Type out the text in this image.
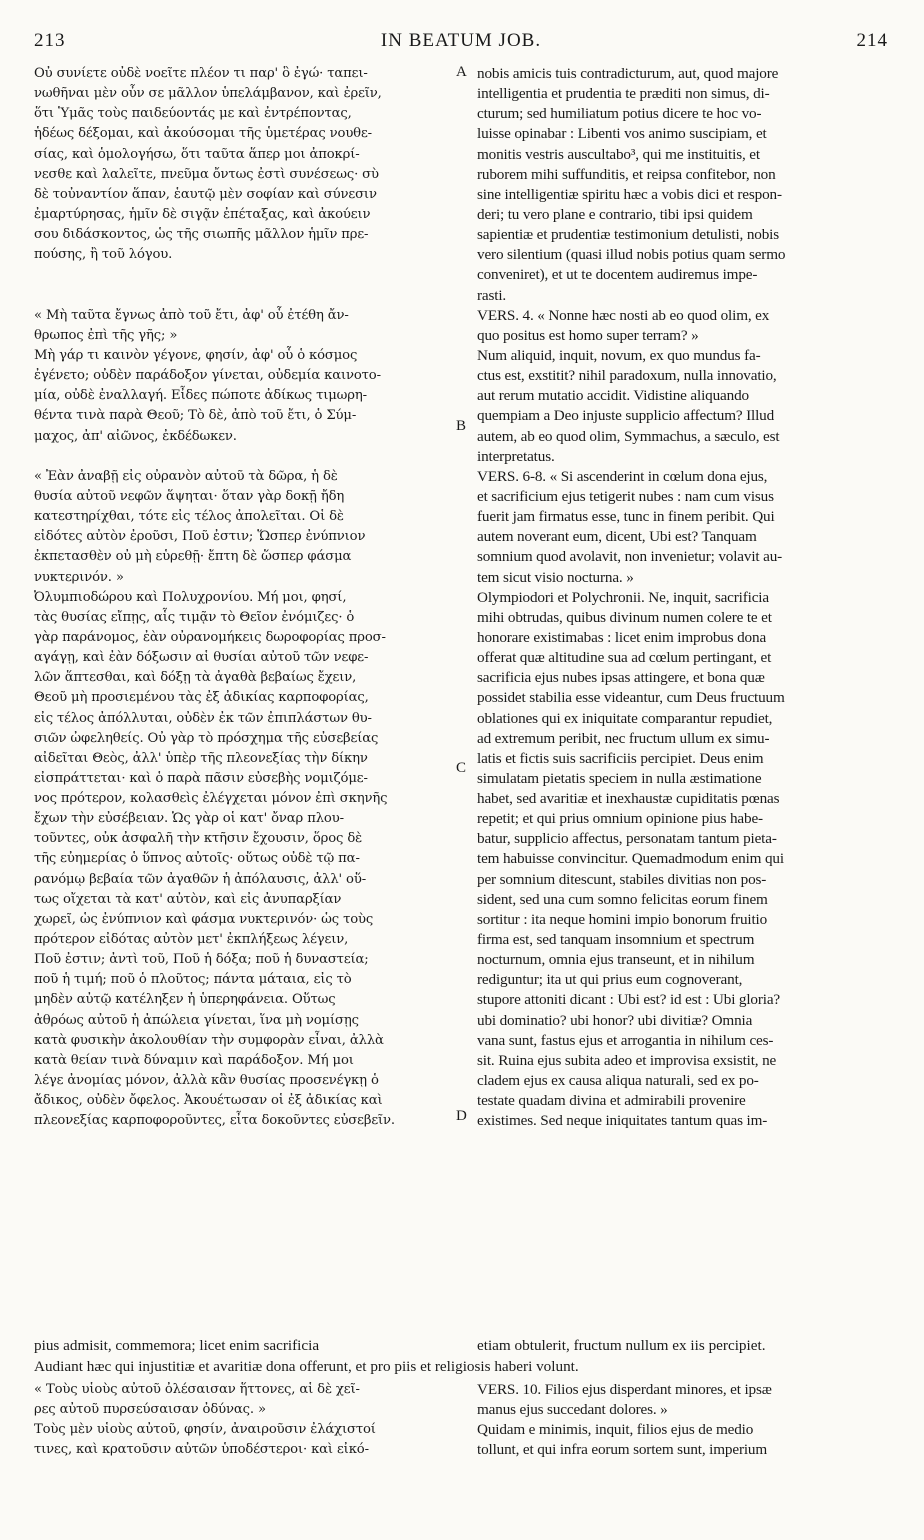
213	IN BEATUM JOB.	214
A
B
C
D
Οὐ συνίετε οὐδὲ νοεῖτε πλέον τι παρ' ὃ ἐγώ· ταπει-
νωθῆναι μὲν οὖν σε μᾶλλον ὑπελάμβανον, καὶ ἐρεῖν,
ὅτι Ὑμᾶς τοὺς παιδεύοντάς με καὶ ἐντρέποντας,
ἡδέως δέξομαι, καὶ ἀκούσομαι τῆς ὑμετέρας νουθε-
σίας, καὶ ὁμολογήσω, ὅτι ταῦτα ἅπερ μοι ἀποκρί-
νεσθε καὶ λαλεῖτε, πνεῦμα ὄντως ἐστὶ συνέσεως· σὺ
δὲ τοὐναντίον ἅπαν, ἑαυτῷ μὲν σοφίαν καὶ σύνεσιν
ἐμαρτύρησας, ἡμῖν δὲ σιγᾷν ἐπέταξας, καὶ ἀκούειν
σου διδάσκοντος, ὡς τῆς σιωπῆς μᾶλλον ἡμῖν πρε-
πούσης, ἢ τοῦ λόγου.
« Μὴ ταῦτα ἔγνως ἀπὸ τοῦ ἔτι, ἀφ' οὗ ἐτέθη ἄν-
θρωπος ἐπὶ τῆς γῆς; »
Μὴ γάρ τι καινὸν γέγονε, φησίν, ἀφ' οὗ ὁ κόσμος
ἐγένετο; οὐδὲν παράδοξον γίνεται, οὐδεμία καινοτο-
μία, οὐδὲ ἐναλλαγή. Εἶδες πώποτε ἀδίκως τιμωρη-
θέντα τινὰ παρὰ Θεοῦ; Τὸ δὲ, ἀπὸ τοῦ ἔτι, ὁ Σύμ-
μαχος, ἀπ' αἰῶνος, ἐκδέδωκεν.
« Ἐὰν ἀναβῇ εἰς οὐρανὸν αὐτοῦ τὰ δῶρα, ἡ δὲ
θυσία αὐτοῦ νεφῶν ἅψηται· ὅταν γὰρ δοκῇ ἤδη
κατεστηρίχθαι, τότε εἰς τέλος ἀπολεῖται. Οἱ δὲ
εἰδότες αὐτὸν ἐροῦσι, Ποῦ ἐστιν; Ὥσπερ ἐνύπνιον
ἐκπετασθὲν οὐ μὴ εὑρεθῇ· ἔπτη δὲ ὥσπερ φάσμα
νυκτερινόν. »
Ὀλυμπιοδώρου καὶ Πολυχρονίου. Μή μοι, φησί,
τὰς θυσίας εἴπῃς, αἷς τιμᾷν τὸ Θεῖον ἐνόμιζες· ὁ
γὰρ παράνομος, ἐὰν οὐρανομήκεις δωροφορίας προσ-
αγάγῃ, καὶ ἐὰν δόξωσιν αἱ θυσίαι αὐτοῦ τῶν νεφε-
λῶν ἅπτεσθαι, καὶ δόξῃ τὰ ἀγαθὰ βεβαίως ἔχειν,
Θεοῦ μὴ προσιεμένου τὰς ἐξ ἀδικίας καρποφορίας,
εἰς τέλος ἀπόλλυται, οὐδὲν ἐκ τῶν ἐπιπλάστων θυ-
σιῶν ὠφεληθείς. Οὐ γὰρ τὸ πρόσχημα τῆς εὐσεβείας
αἰδεῖται Θεὸς, ἀλλ' ὑπὲρ τῆς πλεονεξίας τὴν δίκην
εἰσπράττεται· καὶ ὁ παρὰ πᾶσιν εὐσεβὴς νομιζόμε-
νος πρότερον, κολασθεὶς ἐλέγχεται μόνον ἐπὶ σκηνῆς
ἔχων τὴν εὐσέβειαν. Ὡς γὰρ οἱ κατ' ὄναρ πλου-
τοῦντες, οὐκ ἀσφαλῆ τὴν κτῆσιν ἔχουσιν, ὅρος δὲ
τῆς εὐημερίας ὁ ὕπνος αὐτοῖς· οὕτως οὐδὲ τῷ πα-
ρανόμῳ βεβαία τῶν ἀγαθῶν ἡ ἀπόλαυσις, ἀλλ' οὕ-
τως οἴχεται τὰ κατ' αὐτὸν, καὶ εἰς ἀνυπαρξίαν
χωρεῖ, ὡς ἐνύπνιον καὶ φάσμα νυκτερινόν· ὡς τοὺς
πρότερον εἰδότας αὐτὸν μετ' ἐκπλήξεως λέγειν,
Ποῦ ἐστιν; ἀντὶ τοῦ, Ποῦ ἡ δόξα; ποῦ ἡ δυναστεία;
ποῦ ἡ τιμή; ποῦ ὁ πλοῦτος; πάντα μάταια, εἰς τὸ
μηδὲν αὐτῷ κατέληξεν ἡ ὑπερηφάνεια. Οὕτως
ἀθρόως αὐτοῦ ἡ ἀπώλεια γίνεται, ἵνα μὴ νομίσῃς
κατὰ φυσικὴν ἀκολουθίαν τὴν συμφορὰν εἶναι, ἀλλὰ
κατὰ θείαν τινὰ δύναμιν καὶ παράδοξον. Μή μοι
λέγε ἀνομίας μόνον, ἀλλὰ κἂν θυσίας προσενέγκῃ ὁ
ἄδικος, οὐδὲν ὄφελος. Ἀκουέτωσαν οἱ ἐξ ἀδικίας καὶ
πλεονεξίας καρποφοροῦντες, εἶτα δοκοῦντες εὐσεβεῖν.
nobis amicis tuis contradicturum, aut, quod majore
intelligentia et prudentia te præditi non simus, di-
cturum; sed humiliatum potius dicere te hoc vo-
luisse opinabar : Libenti vos animo suscipiam, et
monitis vestris auscultabo³, qui me instituitis, et
ruborem mihi suffunditis, et reipsa confitebor, non
sine intelligentiæ spiritu hæc a vobis dici et respon-
deri; tu vero plane e contrario, tibi ipsi quidem
sapientiæ et prudentiæ testimonium detulisti, nobis
vero silentium (quasi illud nobis potius quam sermo
conveniret), et ut te docentem audiremus impe-
rasti.
VERS. 4. « Nonne hæc nosti ab eo quod olim, ex
quo positus est homo super terram? »
Num aliquid, inquit, novum, ex quo mundus fa-
ctus est, exstitit? nihil paradoxum, nulla innovatio,
aut rerum mutatio accidit. Vidistine aliquando
quempiam a Deo injuste supplicio affectum? Illud
autem, ab eo quod olim, Symmachus, a sæculo, est
interpretatus.
VERS. 6-8. « Si ascenderint in cœlum dona ejus,
et sacrificium ejus tetigerit nubes : nam cum visus
fuerit jam firmatus esse, tunc in finem peribit. Qui
autem noverant eum, dicent, Ubi est? Tanquam
somnium quod avolavit, non invenietur; volavit au-
tem sicut visio nocturna. »
Olympiodori et Polychronii. Ne, inquit, sacrificia
mihi obtrudas, quibus divinum numen colere te et
honorare existimabas : licet enim improbus dona
offerat quæ altitudine sua ad cœlum pertingant, et
sacrificia ejus nubes ipsas attingere, et bona quæ
possidet stabilia esse videantur, cum Deus fructuum
oblationes qui ex iniquitate comparantur repudiet,
ad extremum peribit, nec fructum ullum ex simu-
latis et fictis suis sacrificiis percipiet. Deus enim
simulatam pietatis speciem in nulla æstimatione
habet, sed avaritiæ et inexhaustæ cupiditatis pœnas
repetit; et qui prius omnium opinione pius habe-
batur, supplicio affectus, personatam tantum pieta-
tem habuisse convincitur. Quemadmodum enim qui
per somnium ditescunt, stabiles divitias non pos-
sident, sed una cum somno felicitas eorum finem
sortitur : ita neque homini impio bonorum fruitio
firma est, sed tanquam insomnium et spectrum
nocturnum, omnia ejus transeunt, et in nihilum
rediguntur; ita ut qui prius eum cognoverant,
stupore attoniti dicant : Ubi est? id est : Ubi gloria?
ubi dominatio? ubi honor? ubi divitiæ? Omnia
vana sunt, fastus ejus et arrogantia in nihilum ces-
sit. Ruina ejus subita adeo et improvisa exsistit, ne
cladem ejus ex causa aliqua naturali, sed ex po-
testate quadam divina et admirabili provenire
existimes. Sed neque iniquitates tantum quas im-
pius admisit, commemora; licet enim sacrificia	etiam obtulerit, fructum nullum ex iis percipiet.
Audiant hæc qui injustitiæ et avaritiæ dona offerunt, et pro piis et religiosis haberi volunt.
« Τοὺς υἱοὺς αὐτοῦ ὀλέσαισαν ἥττονες, αἱ δὲ χεῖ-
ρες αὐτοῦ πυρσεύσαισαν ὀδύνας. »
Τοὺς μὲν υἱοὺς αὐτοῦ, φησίν, ἀναιροῦσιν ἐλάχιστοί
τινες, καὶ κρατοῦσιν αὐτῶν ὑποδέστεροι· καὶ εἰκό-
VERS. 10. Filios ejus disperdant minores, et ipsæ
manus ejus succedant dolores. »
Quidam e minimis, inquit, filios ejus de medio
tollunt, et qui infra eorum sortem sunt, imperium
